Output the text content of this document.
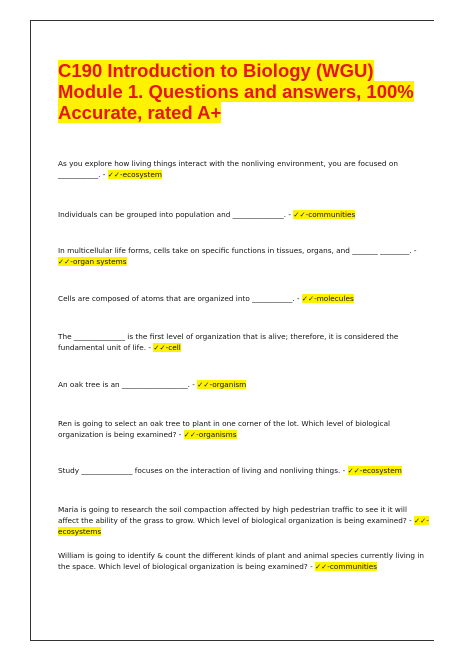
C190 Introduction to Biology (WGU)
Module 1. Questions and answers, 100%
Accurate, rated A+
As you explore how living things interact with the nonliving environment, you are focused on ___________. - ✓✓-ecosystem
Individuals can be grouped into population and ______________. - ✓✓-communities
In multicellular life forms, cells take on specific functions in tissues, organs, and _______ ________. - ✓✓-organ systems
Cells are composed of atoms that are organized into ___________. - ✓✓-molecules
The ______________ is the first level of organization that is alive; therefore, it is considered the fundamental unit of life. - ✓✓-cell
An oak tree is an __________________. - ✓✓-organism
Ren is going to select an oak tree to plant in one corner of the lot. Which level of biological organization is being examined? - ✓✓-organisms
Study ______________ focuses on the interaction of living and nonliving things. - ✓✓-ecosystem
Maria is going to research the soil compaction affected by high pedestrian traffic to see it it will affect the ability of the grass to grow. Which level of biological organization is being examined? - ✓✓-ecosystems
William is going to identify & count the different kinds of plant and animal species currently living in the space. Which level of biological organization is being examined? - ✓✓-communities
